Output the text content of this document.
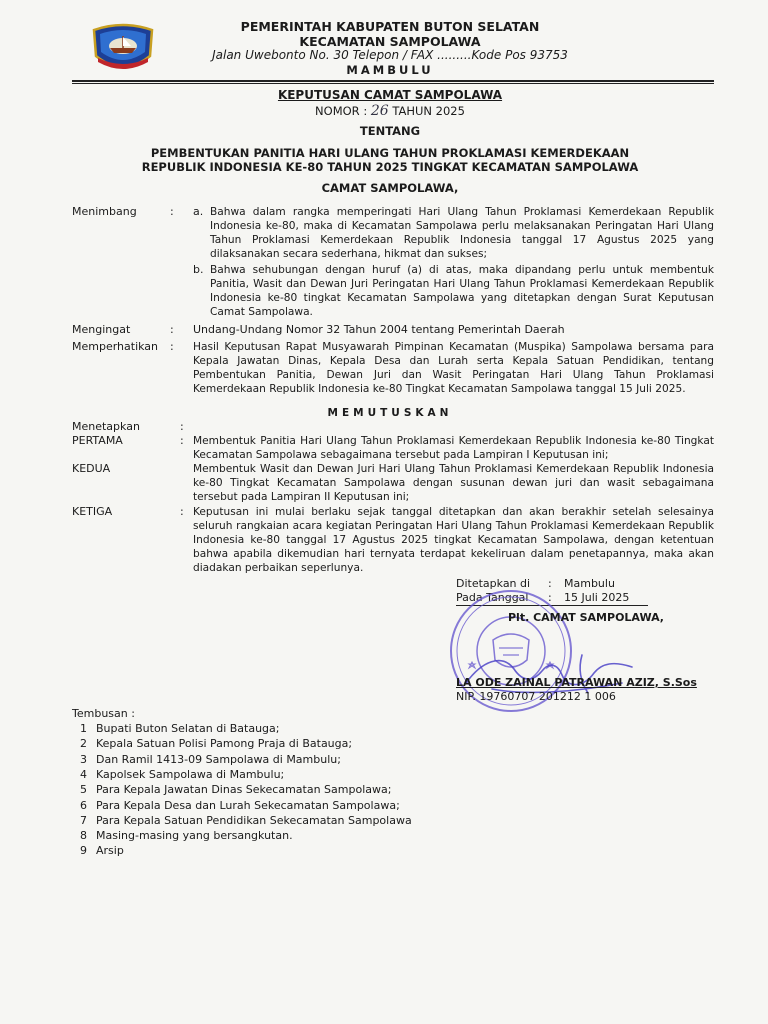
PEMERINTAH KABUPATEN BUTON SELATAN
KECAMATAN SAMPOLAWA
Jalan Uwebonto No. 30 Telepon / FAX .........Kode Pos 93753
MAMBULU
KEPUTUSAN CAMAT SAMPOLAWA
NOMOR : 26 TAHUN 2025
TENTANG
PEMBENTUKAN PANITIA HARI ULANG TAHUN PROKLAMASI KEMERDEKAAN
REPUBLIK INDONESIA KE-80 TAHUN 2025 TINGKAT KECAMATAN SAMPOLAWA
CAMAT SAMPOLAWA,
Menimbang	: a. Bahwa dalam rangka memperingati Hari Ulang Tahun Proklamasi Kemerdekaan Republik Indonesia ke-80, maka di Kecamatan Sampolawa perlu melaksanakan Peringatan Hari Ulang Tahun Proklamasi Kemerdekaan Republik Indonesia tanggal 17 Agustus 2025 yang dilaksanakan secara sederhana, hikmat dan sukses;
b. Bahwa sehubungan dengan huruf (a) di atas, maka dipandang perlu untuk membentuk Panitia, Wasit dan Dewan Juri Peringatan Hari Ulang Tahun Proklamasi Kemerdekaan Republik Indonesia ke-80 tingkat Kecamatan Sampolawa yang ditetapkan dengan Surat Keputusan Camat Sampolawa.
Mengingat	: Undang-Undang Nomor 32 Tahun 2004 tentang Pemerintah Daerah
Memperhatikan : Hasil Keputusan Rapat Musyawarah Pimpinan Kecamatan (Muspika) Sampolawa bersama para Kepala Jawatan Dinas, Kepala Desa dan Lurah serta Kepala Satuan Pendidikan, tentang Pembentukan Panitia, Dewan Juri dan Wasit Peringatan Hari Ulang Tahun Proklamasi Kemerdekaan Republik Indonesia ke-80 Tingkat Kecamatan Sampolawa tanggal 15 Juli 2025.
MEMUTUSKAN
Menetapkan	:
PERTAMA	: Membentuk Panitia Hari Ulang Tahun Proklamasi Kemerdekaan Republik Indonesia ke-80 Tingkat Kecamatan Sampolawa sebagaimana tersebut pada Lampiran I Keputusan ini;
KEDUA	Membentuk Wasit dan Dewan Juri Hari Ulang Tahun Proklamasi Kemerdekaan Republik Indonesia ke-80 Tingkat Kecamatan Sampolawa dengan susunan dewan juri dan wasit sebagaimana tersebut pada Lampiran II Keputusan ini;
KETIGA	: Keputusan ini mulai berlaku sejak tanggal ditetapkan dan akan berakhir setelah selesainya seluruh rangkaian acara kegiatan Peringatan Hari Ulang Tahun Proklamasi Kemerdekaan Republik Indonesia ke-80 tanggal 17 Agustus 2025 tingkat Kecamatan Sampolawa, dengan ketentuan bahwa apabila dikemudian hari ternyata terdapat kekeliruan dalam penetapannya, maka akan diadakan perbaikan seperlunya.
Ditetapkan di : Mambulu
Pada Tanggal : 15 Juli 2025
Plt. CAMAT SAMPOLAWA,
LA ODE ZAINAL PATRAWAN AZIZ, S.Sos
NIP. 19760707 201212 1 006
Tembusan :
1 Bupati Buton Selatan di Batauga;
2 Kepala Satuan Polisi Pamong Praja di Batauga;
3 Dan Ramil 1413-09 Sampolawa di Mambulu;
4 Kapolsek Sampolawa di Mambulu;
5 Para Kepala Jawatan Dinas Sekecamatan Sampolawa;
6 Para Kepala Desa dan Lurah Sekecamatan Sampolawa;
7 Para Kepala Satuan Pendidikan Sekecamatan Sampolawa
8 Masing-masing yang bersangkutan.
9 Arsip
